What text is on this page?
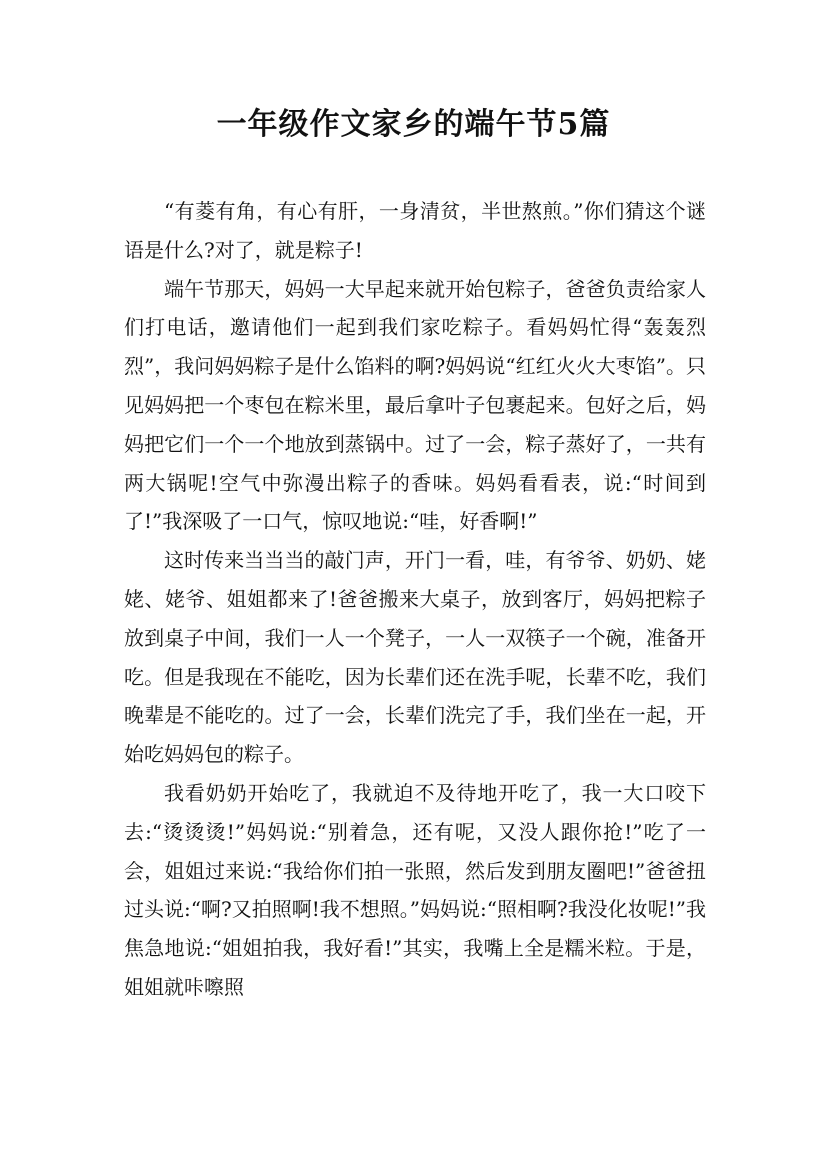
一年级作文家乡的端午节5篇

“有菱有角，有心有肝，一身清贫，半世熬煎。”你们猜这个谜语是什么?对了，就是粽子!

端午节那天，妈妈一大早起来就开始包粽子，爸爸负责给家人们打电话，邀请他们一起到我们家吃粽子。看妈妈忙得“轰轰烈烈”，我问妈妈粽子是什么馅料的啊?妈妈说“红红火火大枣馅”。只见妈妈把一个枣包在粽米里，最后拿叶子包裹起来。包好之后，妈妈把它们一个一个地放到蒸锅中。过了一会，粽子蒸好了，一共有两大锅呢!空气中弥漫出粽子的香味。妈妈看看表，说:“时间到了!”我深吸了一口气，惊叹地说:“哇，好香啊!”

这时传来当当当的敲门声，开门一看，哇，有爷爷、奶奶、姥姥、姥爷、姐姐都来了!爸爸搬来大桌子，放到客厅，妈妈把粽子放到桌子中间，我们一人一个凳子，一人一双筷子一个碗，准备开吃。但是我现在不能吃，因为长辈们还在洗手呢，长辈不吃，我们晚辈是不能吃的。过了一会，长辈们洗完了手，我们坐在一起，开始吃妈妈包的粽子。

我看奶奶开始吃了，我就迫不及待地开吃了，我一大口咬下去:“烫烫烫!”妈妈说:“别着急，还有呢，又没人跟你抢!”吃了一会，姐姐过来说:“我给你们拍一张照，然后发到朋友圈吧!”爸爸扭过头说:“啊?又拍照啊!我不想照。”妈妈说:“照相啊?我没化妆呢!”我焦急地说:“姐姐拍我，我好看!”其实，我嘴上全是糯米粒。于是，姐姐就咔嚓照
